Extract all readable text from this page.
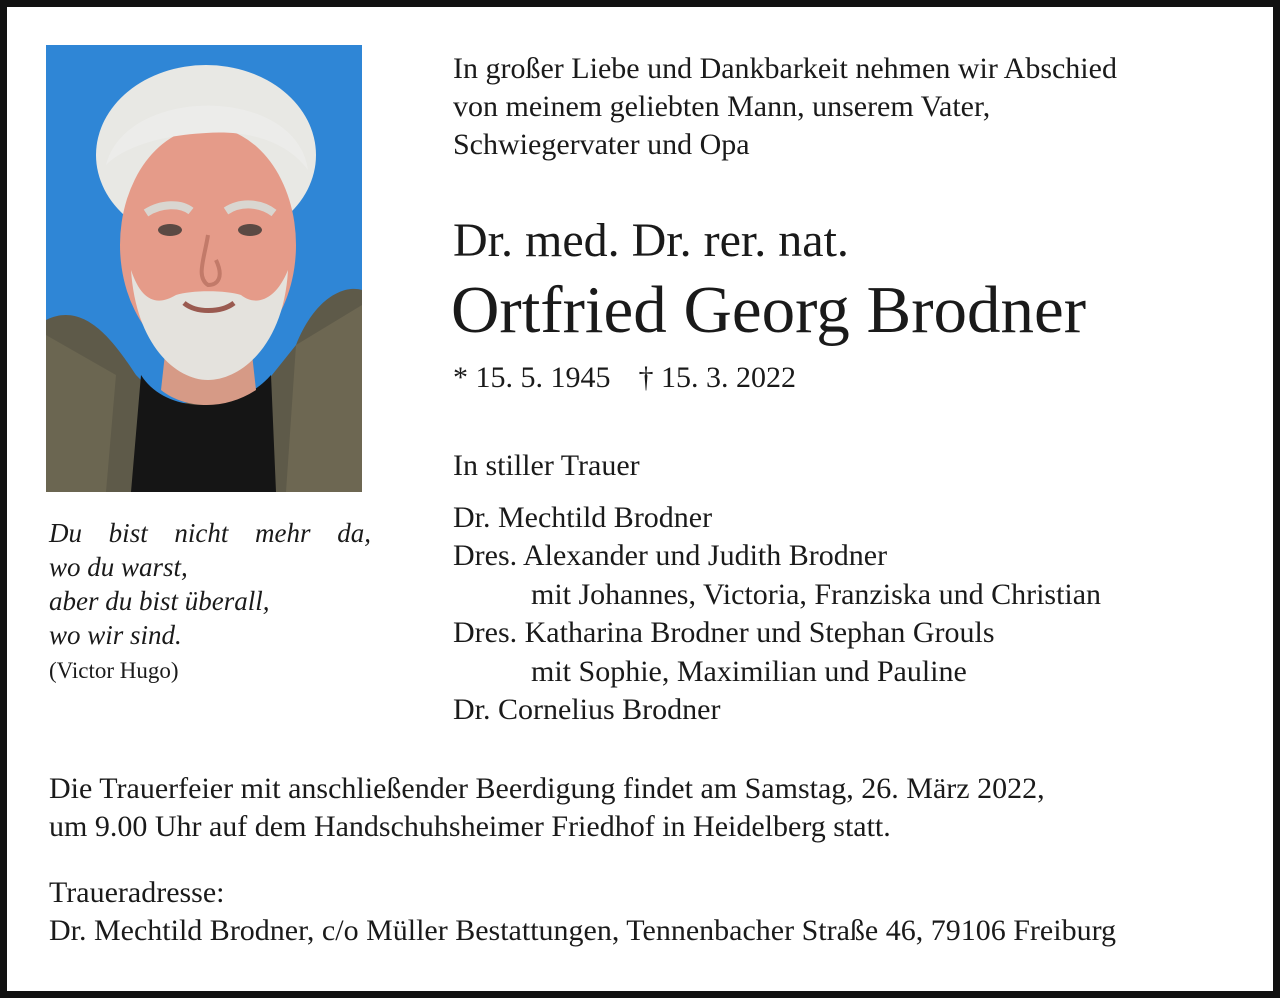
Du bist nicht mehr da,
wo du warst,
aber du bist überall,
wo wir sind.
(Victor Hugo)
In großer Liebe und Dankbarkeit nehmen wir Abschied
von meinem geliebten Mann, unserem Vater,
Schwiegervater und Opa
Dr. med. Dr. rer. nat.
Ortfried Georg Brodner
* 15. 5. 1945 † 15. 3. 2022
In stiller Trauer
Dr. Mechtild Brodner
Dres. Alexander und Judith Brodner
mit Johannes, Victoria, Franziska und Christian
Dres. Katharina Brodner und Stephan Grouls
mit Sophie, Maximilian und Pauline
Dr. Cornelius Brodner
Die Trauerfeier mit anschließender Beerdigung findet am Samstag, 26. März 2022,
um 9.00 Uhr auf dem Handschuhsheimer Friedhof in Heidelberg statt.
Traueradresse:
Dr. Mechtild Brodner, c/o Müller Bestattungen, Tennenbacher Straße 46, 79106 Freiburg
